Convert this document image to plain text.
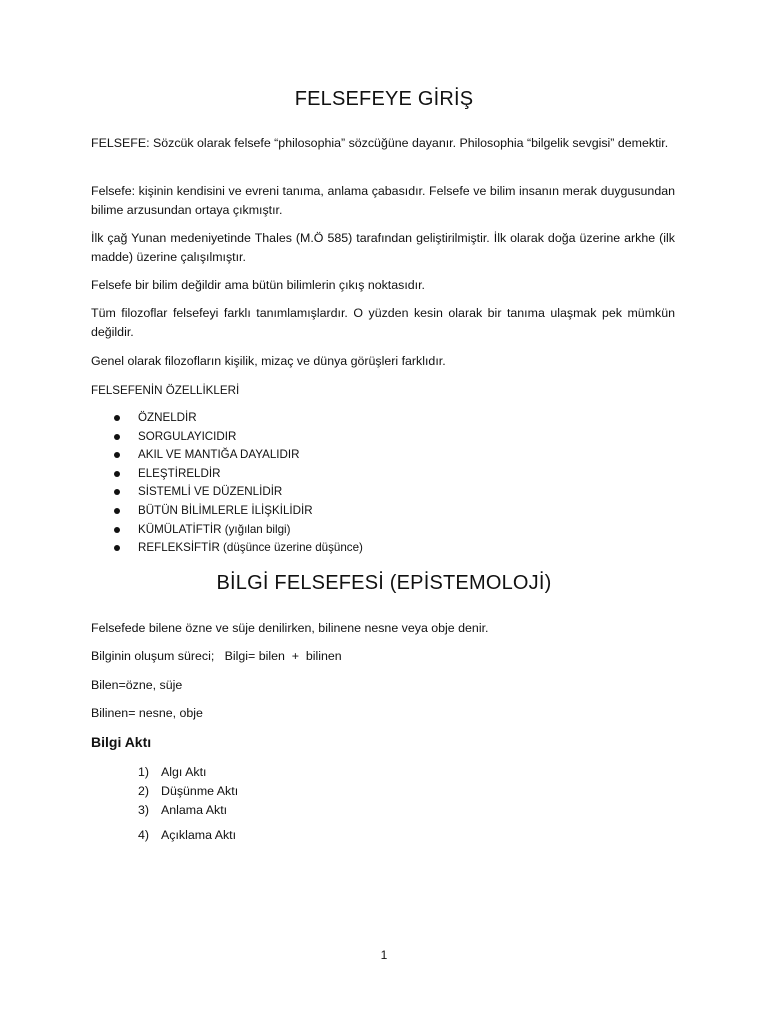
FELSEFEYE GİRİŞ
FELSEFE: Sözcük olarak felsefe “philosophia” sözcüğüne dayanır. Philosophia “bilgelik sevgisi” demektir.
Felsefe: kişinin kendisini ve evreni tanıma, anlama çabasıdır. Felsefe ve bilim insanın merak duygusundan bilime arzusundan ortaya çıkmıştır.
İlk çağ Yunan medeniyetinde Thales (M.Ö 585) tarafından geliştirilmiştir. İlk olarak doğa üzerine arkhe (ilk madde) üzerine çalışılmıştır.
Felsefe bir bilim değildir ama bütün bilimlerin çıkış noktasıdır.
Tüm filozoflar felsefeyi farklı tanımlamışlardır. O yüzden kesin olarak bir tanıma ulaşmak pek mümkün değildir.
Genel olarak filozofların kişilik, mizaç ve dünya görüşleri farklıdır.
FELSEFENİN ÖZELLİKLERİ
ÖZNELDİR
SORGULAYICIDIR
AKIL VE MANTIĞA DAYALIDIR
ELEŞTİRELDİR
SİSTEMLİ VE DÜZENLİDİR
BÜTÜN BİLİMLERLE İLİŞKİLİDİR
KÜMÜLATİFTİR (yığılan bilgi)
REFLEKSİFTİR (düşünce üzerine düşünce)
BİLGİ FELSEFESİ (EPİSTEMOLOJİ)
Felsefede bilene özne ve süje denilirken, bilinene nesne veya obje denir.
Bilginin oluşum süreci;   Bilgi= bilen  +  bilinen
Bilen=özne, süje
Bilinen= nesne, obje
Bilgi Aktı
1) Algı Aktı
2) Düşünme Aktı
3) Anlama Aktı
4) Açıklama Aktı
1
